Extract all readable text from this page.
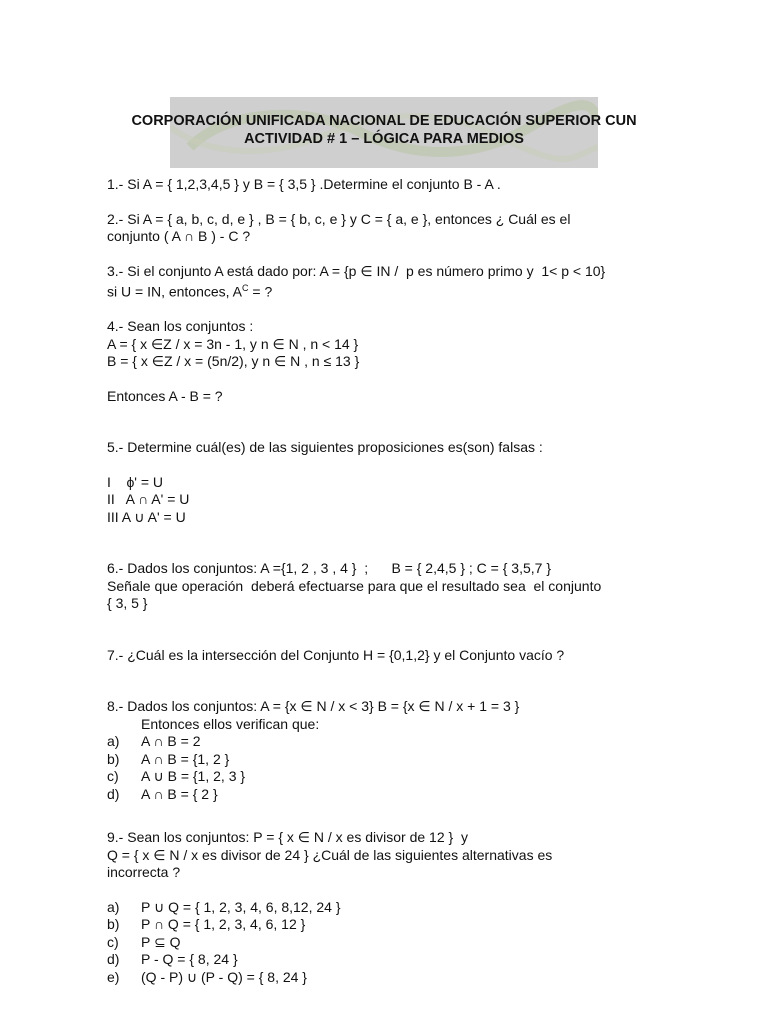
CORPORACIÓN UNIFICADA NACIONAL DE EDUCACIÓN SUPERIOR CUN
ACTIVIDAD # 1 – LÓGICA PARA MEDIOS

1.- Si A = { 1,2,3,4,5 } y B = { 3,5 } .Determine el conjunto B - A .

2.- Si A = { a, b, c, d, e } , B = { b, c, e } y C = { a, e }, entonces ¿ Cuál es el

conjunto ( A ∩ B ) - C ?

3.- Si el conjunto A está dado por: A = {p ∈ IN /  p es número primo y  1< p < 10}

si U = IN, entonces, $A^C$ = ?

4.- Sean los conjuntos :

A = { x ∈Z / x = 3n - 1, y n ∈ N , n < 14 }

B = { x ∈Z / x = (5n/2), y n ∈ N , n ≤ 13 }

Entonces A - B = ?

5.- Determine cuál(es) de las siguientes proposiciones es(son) falsas :

I    ϕ' = U

II   A ∩ A' = U

III A ∪ A' = U

6.- Dados los conjuntos: A ={1, 2 , 3 , 4 }  ;      B = { 2,4,5 } ; C = { 3,5,7 }

Señale que operación  deberá efectuarse para que el resultado sea  el conjunto

{ 3, 5 }

7.- ¿Cuál es la intersección del Conjunto H = {0,1,2} y el Conjunto vacío ?

8.- Dados los conjuntos: A = {x ∈ N / x < 3} B = {x ∈ N / x + 1 = 3 }

Entonces ellos verifican que:

a)	A ∩ B = 2
b)	A ∩ B = {1, 2 }
c)	A ∪ B = {1, 2, 3 }
d)	A ∩ B = { 2 }

9.- Sean los conjuntos: P = { x ∈ N / x es divisor de 12 }  y

Q = { x ∈ N / x es divisor de 24 } ¿Cuál de las siguientes alternativas es

incorrecta ?

a)	P ∪ Q = { 1, 2, 3, 4, 6, 8,12, 24 }
b)	P ∩ Q = { 1, 2, 3, 4, 6, 12 }
c)	P ⊆ Q
d)	P - Q = { 8, 24 }
e)	(Q - P) ∪ (P - Q) = { 8, 24 }
